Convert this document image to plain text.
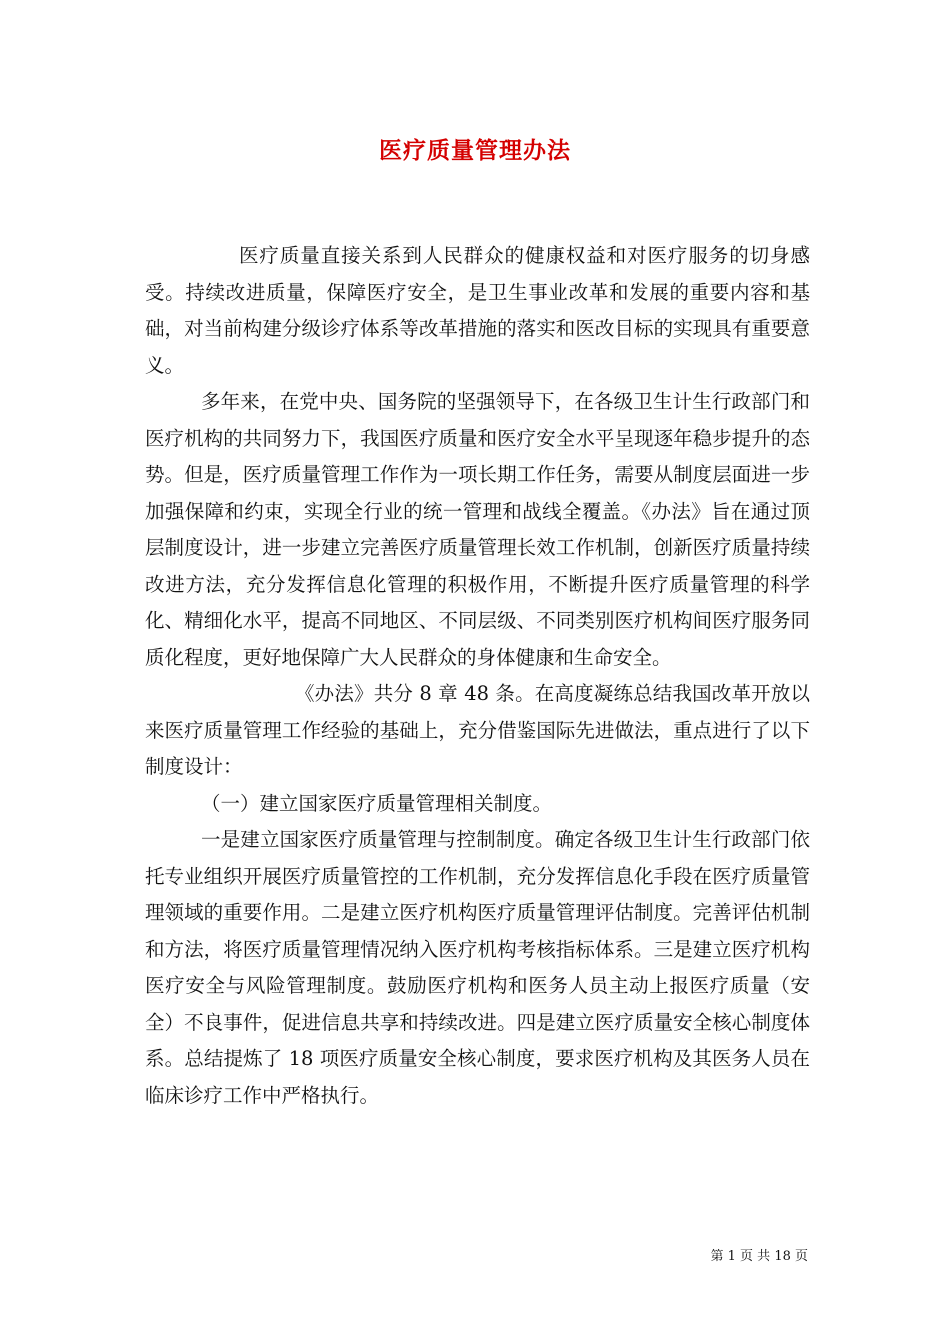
医疗质量管理办法

医疗质量直接关系到人民群众的健康权益和对医疗服务的切身感受。持续改进质量，保障医疗安全，是卫生事业改革和发展的重要内容和基础，对当前构建分级诊疗体系等改革措施的落实和医改目标的实现具有重要意义。

多年来，在党中央、国务院的坚强领导下，在各级卫生计生行政部门和医疗机构的共同努力下，我国医疗质量和医疗安全水平呈现逐年稳步提升的态势。但是，医疗质量管理工作作为一项长期工作任务，需要从制度层面进一步加强保障和约束，实现全行业的统一管理和战线全覆盖。《办法》旨在通过顶层制度设计，进一步建立完善医疗质量管理长效工作机制，创新医疗质量持续改进方法，充分发挥信息化管理的积极作用，不断提升医疗质量管理的科学化、精细化水平，提高不同地区、不同层级、不同类别医疗机构间医疗服务同质化程度，更好地保障广大人民群众的身体健康和生命安全。

《办法》共分 8 章 48 条。在高度凝练总结我国改革开放以来医疗质量管理工作经验的基础上，充分借鉴国际先进做法，重点进行了以下制度设计：

（一）建立国家医疗质量管理相关制度。

一是建立国家医疗质量管理与控制制度。确定各级卫生计生行政部门依托专业组织开展医疗质量管控的工作机制，充分发挥信息化手段在医疗质量管理领域的重要作用。二是建立医疗机构医疗质量管理评估制度。完善评估机制和方法，将医疗质量管理情况纳入医疗机构考核指标体系。三是建立医疗机构医疗安全与风险管理制度。鼓励医疗机构和医务人员主动上报医疗质量（安全）不良事件，促进信息共享和持续改进。四是建立医疗质量安全核心制度体系。总结提炼了 18 项医疗质量安全核心制度，要求医疗机构及其医务人员在临床诊疗工作中严格执行。

第 1 页 共 18 页
